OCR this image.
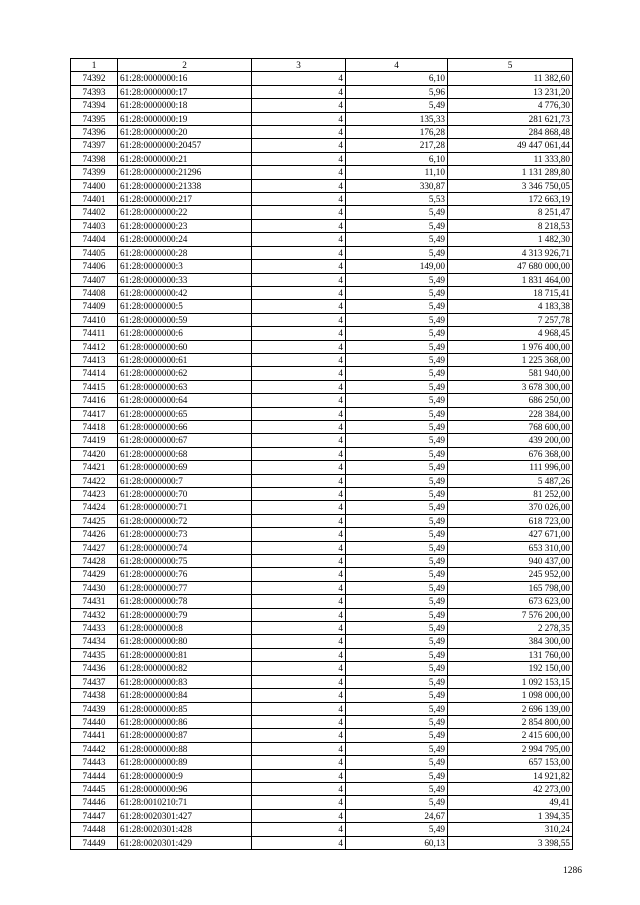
1	2	3	4	5
74392	61:28:0000000:16	4	6,10	11 382,60
74393	61:28:0000000:17	4	5,96	13 231,20
74394	61:28:0000000:18	4	5,49	4 776,30
74395	61:28:0000000:19	4	135,33	281 621,73
74396	61:28:0000000:20	4	176,28	284 868,48
74397	61:28:0000000:20457	4	217,28	49 447 061,44
74398	61:28:0000000:21	4	6,10	11 333,80
74399	61:28:0000000:21296	4	11,10	1 131 289,80
74400	61:28:0000000:21338	4	330,87	3 346 750,05
74401	61:28:0000000:217	4	5,53	172 663,19
74402	61:28:0000000:22	4	5,49	8 251,47
74403	61:28:0000000:23	4	5,49	8 218,53
74404	61:28:0000000:24	4	5,49	1 482,30
74405	61:28:0000000:28	4	5,49	4 313 926,71
74406	61:28:0000000:3	4	149,00	47 680 000,00
74407	61:28:0000000:33	4	5,49	1 831 464,00
74408	61:28:0000000:42	4	5,49	18 715,41
74409	61:28:0000000:5	4	5,49	4 183,38
74410	61:28:0000000:59	4	5,49	7 257,78
74411	61:28:0000000:6	4	5,49	4 968,45
74412	61:28:0000000:60	4	5,49	1 976 400,00
74413	61:28:0000000:61	4	5,49	1 225 368,00
74414	61:28:0000000:62	4	5,49	581 940,00
74415	61:28:0000000:63	4	5,49	3 678 300,00
74416	61:28:0000000:64	4	5,49	686 250,00
74417	61:28:0000000:65	4	5,49	228 384,00
74418	61:28:0000000:66	4	5,49	768 600,00
74419	61:28:0000000:67	4	5,49	439 200,00
74420	61:28:0000000:68	4	5,49	676 368,00
74421	61:28:0000000:69	4	5,49	111 996,00
74422	61:28:0000000:7	4	5,49	5 487,26
74423	61:28:0000000:70	4	5,49	81 252,00
74424	61:28:0000000:71	4	5,49	370 026,00
74425	61:28:0000000:72	4	5,49	618 723,00
74426	61:28:0000000:73	4	5,49	427 671,00
74427	61:28:0000000:74	4	5,49	653 310,00
74428	61:28:0000000:75	4	5,49	940 437,00
74429	61:28:0000000:76	4	5,49	245 952,00
74430	61:28:0000000:77	4	5,49	165 798,00
74431	61:28:0000000:78	4	5,49	673 623,00
74432	61:28:0000000:79	4	5,49	7 576 200,00
74433	61:28:0000000:8	4	5,49	2 278,35
74434	61:28:0000000:80	4	5,49	384 300,00
74435	61:28:0000000:81	4	5,49	131 760,00
74436	61:28:0000000:82	4	5,49	192 150,00
74437	61:28:0000000:83	4	5,49	1 092 153,15
74438	61:28:0000000:84	4	5,49	1 098 000,00
74439	61:28:0000000:85	4	5,49	2 696 139,00
74440	61:28:0000000:86	4	5,49	2 854 800,00
74441	61:28:0000000:87	4	5,49	2 415 600,00
74442	61:28:0000000:88	4	5,49	2 994 795,00
74443	61:28:0000000:89	4	5,49	657 153,00
74444	61:28:0000000:9	4	5,49	14 921,82
74445	61:28:0000000:96	4	5,49	42 273,00
74446	61:28:0010210:71	4	5,49	49,41
74447	61:28:0020301:427	4	24,67	1 394,35
74448	61:28:0020301:428	4	5,49	310,24
74449	61:28:0020301:429	4	60,13	3 398,55
1286
